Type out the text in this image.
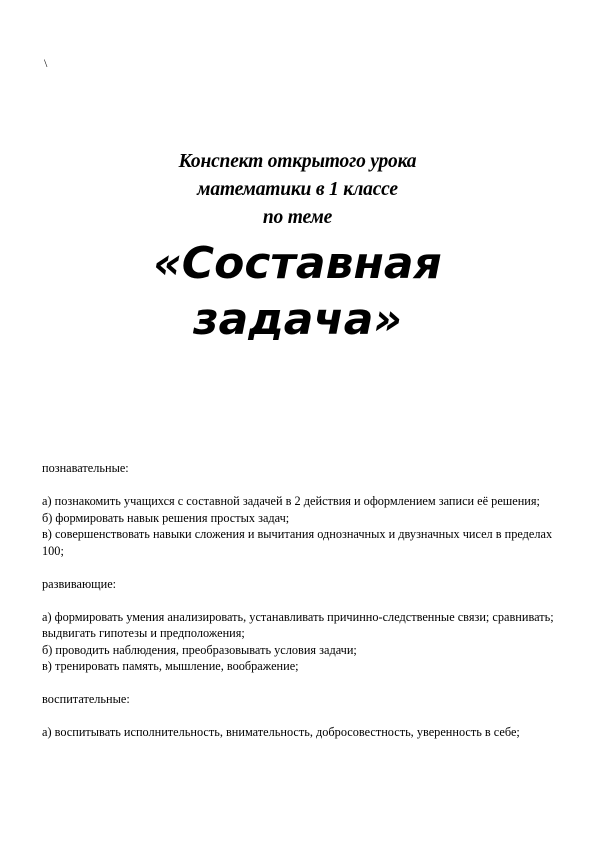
\

Конспект открытого урока

математики в 1 классе

по теме

«Составная
задача»

познавательные:

а) познакомить учащихся с составной задачей в 2 действия и оформлением записи её решения;

б) формировать навык решения простых задач;

в) совершенствовать навыки сложения и вычитания однозначных и двузначных чисел в пределах 100;

развивающие:

а) формировать умения анализировать, устанавливать причинно-следственные связи; сравнивать; выдвигать гипотезы и предположения;

б) проводить наблюдения, преобразовывать условия задачи;

в) тренировать память, мышление, воображение;

воспитательные:

а) воспитывать исполнительность, внимательность, добросовестность, уверенность в себе;
